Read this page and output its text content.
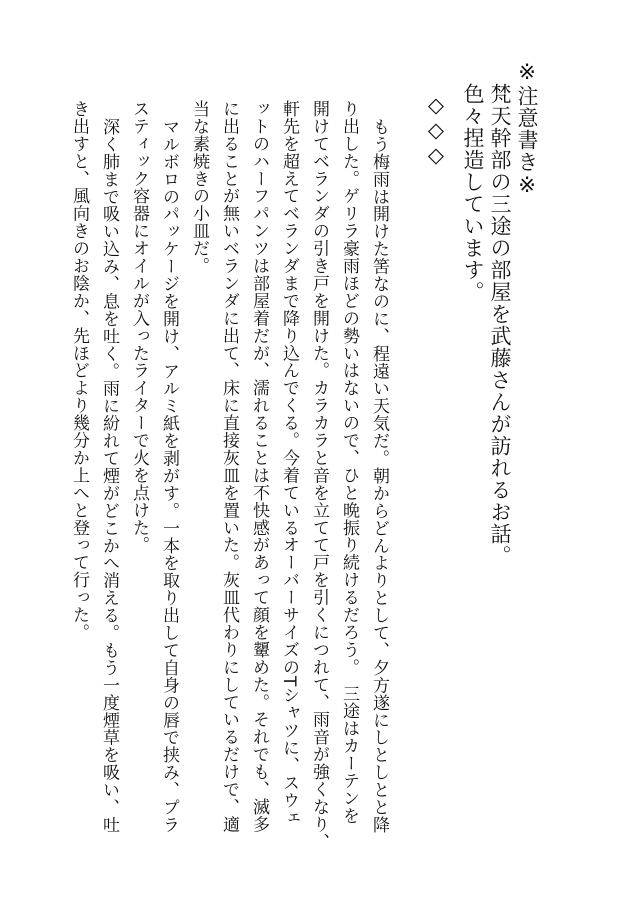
※注意書き※

梵天幹部の三途の部屋を武藤さんが訪れるお話。

色々捏造しています。

◇◇◇

もう梅雨は開けた筈なのに、程遠い天気だ。朝からどんよりとして、夕方遂にしとしとと降

り出した。ゲリラ豪雨ほどの勢いはないので、ひと晩振り続けるだろう。　三途はカーテンを

開けてベランダの引き戸を開けた。カラカラと音を立てて戸を引くにつれて、雨音が強くなり、

軒先を超えてベランダまで降り込んでくる。今着ているオーバーサイズのTシャツに、スウェ

ットのハーフパンツは部屋着だが、濡れることは不快感があって顔を顰めた。それでも、滅多

に出ることが無いベランダに出て、床に直接灰皿を置いた。灰皿代わりにしているだけで、適

当な素焼きの小皿だ。

マルボロのパッケージを開け、アルミ紙を剥がす。一本を取り出して自身の唇で挟み、プラ

スティック容器にオイルが入ったライターで火を点けた。

深く肺まで吸い込み、息を吐く。雨に紛れて煙がどこかへ消える。もう一度煙草を吸い、吐

き出すと、風向きのお陰か、先ほどより幾分か上へと登って行った。
